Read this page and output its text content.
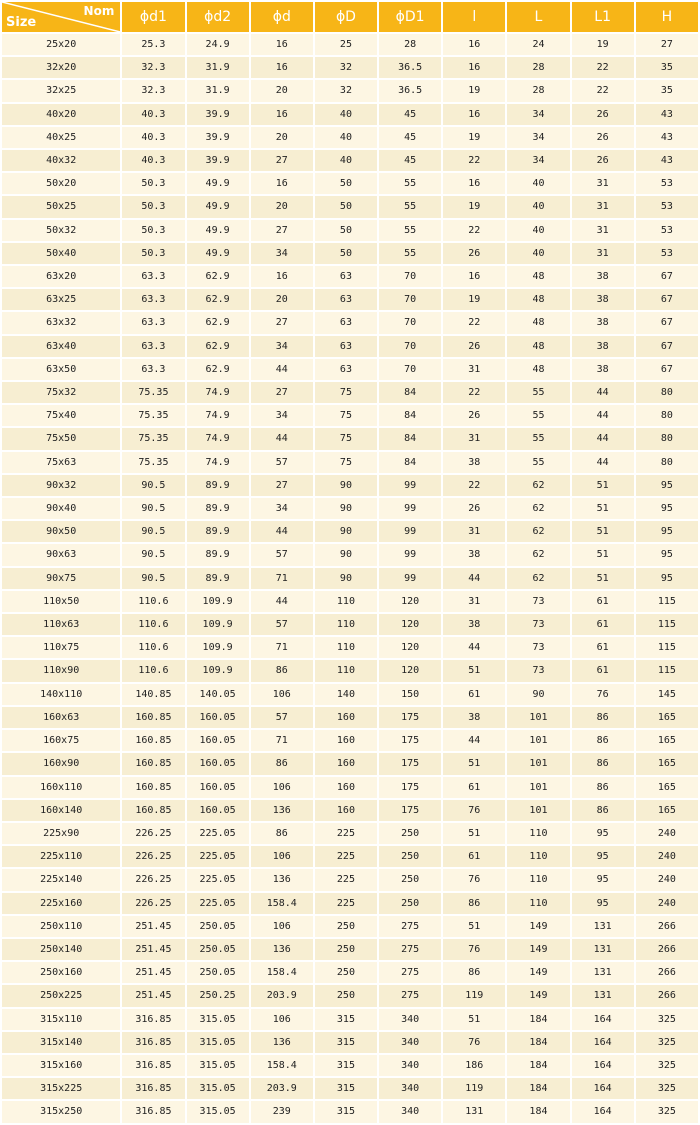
Nom
Size	ϕd1	ϕd2	ϕd	ϕD	ϕD1	l	L	L1	H
25x20	25.3	24.9	16	25	28	16	24	19	27
32x20	32.3	31.9	16	32	36.5	16	28	22	35
32x25	32.3	31.9	20	32	36.5	19	28	22	35
40x20	40.3	39.9	16	40	45	16	34	26	43
40x25	40.3	39.9	20	40	45	19	34	26	43
40x32	40.3	39.9	27	40	45	22	34	26	43
50x20	50.3	49.9	16	50	55	16	40	31	53
50x25	50.3	49.9	20	50	55	19	40	31	53
50x32	50.3	49.9	27	50	55	22	40	31	53
50x40	50.3	49.9	34	50	55	26	40	31	53
63x20	63.3	62.9	16	63	70	16	48	38	67
63x25	63.3	62.9	20	63	70	19	48	38	67
63x32	63.3	62.9	27	63	70	22	48	38	67
63x40	63.3	62.9	34	63	70	26	48	38	67
63x50	63.3	62.9	44	63	70	31	48	38	67
75x32	75.35	74.9	27	75	84	22	55	44	80
75x40	75.35	74.9	34	75	84	26	55	44	80
75x50	75.35	74.9	44	75	84	31	55	44	80
75x63	75.35	74.9	57	75	84	38	55	44	80
90x32	90.5	89.9	27	90	99	22	62	51	95
90x40	90.5	89.9	34	90	99	26	62	51	95
90x50	90.5	89.9	44	90	99	31	62	51	95
90x63	90.5	89.9	57	90	99	38	62	51	95
90x75	90.5	89.9	71	90	99	44	62	51	95
110x50	110.6	109.9	44	110	120	31	73	61	115
110x63	110.6	109.9	57	110	120	38	73	61	115
110x75	110.6	109.9	71	110	120	44	73	61	115
110x90	110.6	109.9	86	110	120	51	73	61	115
140x110	140.85	140.05	106	140	150	61	90	76	145
160x63	160.85	160.05	57	160	175	38	101	86	165
160x75	160.85	160.05	71	160	175	44	101	86	165
160x90	160.85	160.05	86	160	175	51	101	86	165
160x110	160.85	160.05	106	160	175	61	101	86	165
160x140	160.85	160.05	136	160	175	76	101	86	165
225x90	226.25	225.05	86	225	250	51	110	95	240
225x110	226.25	225.05	106	225	250	61	110	95	240
225x140	226.25	225.05	136	225	250	76	110	95	240
225x160	226.25	225.05	158.4	225	250	86	110	95	240
250x110	251.45	250.05	106	250	275	51	149	131	266
250x140	251.45	250.05	136	250	275	76	149	131	266
250x160	251.45	250.05	158.4	250	275	86	149	131	266
250x225	251.45	250.25	203.9	250	275	119	149	131	266
315x110	316.85	315.05	106	315	340	51	184	164	325
315x140	316.85	315.05	136	315	340	76	184	164	325
315x160	316.85	315.05	158.4	315	340	186	184	164	325
315x225	316.85	315.05	203.9	315	340	119	184	164	325
315x250	316.85	315.05	239	315	340	131	184	164	325
